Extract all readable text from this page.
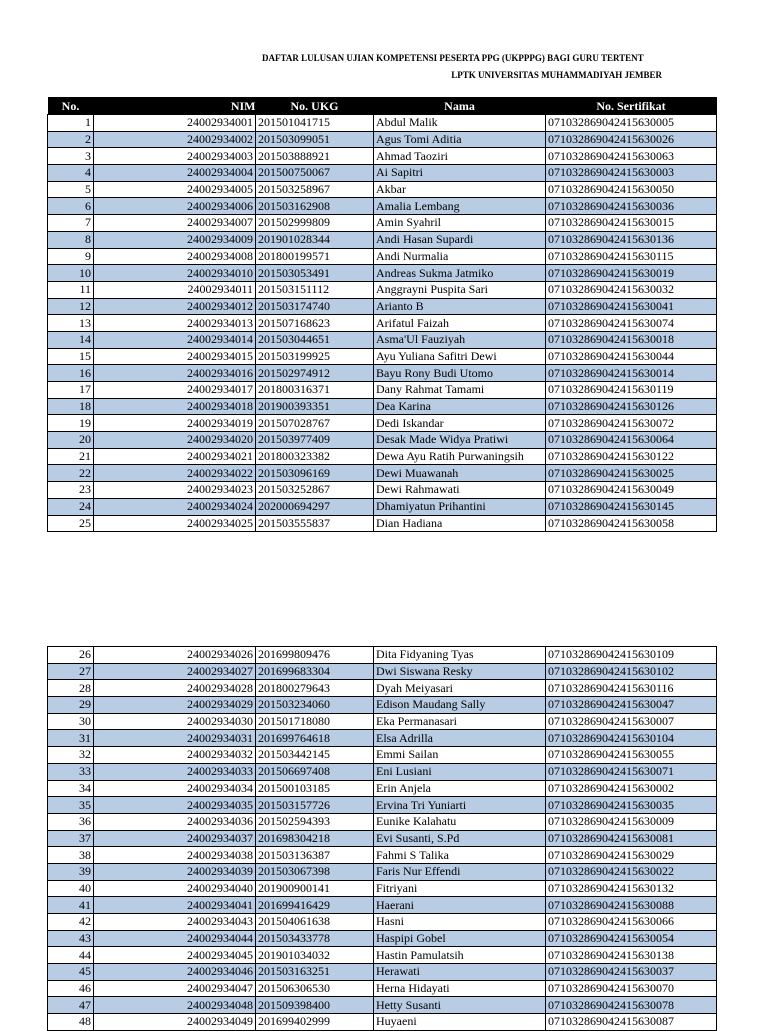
DAFTAR LULUSAN UJIAN KOMPETENSI PESERTA PPG (UKPPPG) BAGI GURU TERTENT
LPTK UNIVERSITAS MUHAMMADIYAH JEMBER
No.	NIM	No. UKG	Nama	No. Sertifikat
1	24002934001	201501041715	Abdul Malik	071032869042415630005
2	24002934002	201503099051	Agus Tomi Aditia	071032869042415630026
3	24002934003	201503888921	Ahmad Taoziri	071032869042415630063
4	24002934004	201500750067	Ai Sapitri	071032869042415630003
5	24002934005	201503258967	Akbar	071032869042415630050
6	24002934006	201503162908	Amalia Lembang	071032869042415630036
7	24002934007	201502999809	Amin Syahril	071032869042415630015
8	24002934009	201901028344	Andi Hasan Supardi	071032869042415630136
9	24002934008	201800199571	Andi Nurmalia	071032869042415630115
10	24002934010	201503053491	Andreas Sukma Jatmiko	071032869042415630019
11	24002934011	201503151112	Anggrayni Puspita Sari	071032869042415630032
12	24002934012	201503174740	Arianto B	071032869042415630041
13	24002934013	201507168623	Arifatul Faizah	071032869042415630074
14	24002934014	201503044651	Asma'Ul Fauziyah	071032869042415630018
15	24002934015	201503199925	Ayu Yuliana Safitri Dewi	071032869042415630044
16	24002934016	201502974912	Bayu Rony Budi Utomo	071032869042415630014
17	24002934017	201800316371	Dany Rahmat Tamami	071032869042415630119
18	24002934018	201900393351	Dea Karina	071032869042415630126
19	24002934019	201507028767	Dedi Iskandar	071032869042415630072
20	24002934020	201503977409	Desak Made Widya Pratiwi	071032869042415630064
21	24002934021	201800323382	Dewa Ayu Ratih Purwaningsih	071032869042415630122
22	24002934022	201503096169	Dewi Muawanah	071032869042415630025
23	24002934023	201503252867	Dewi Rahmawati	071032869042415630049
24	24002934024	202000694297	Dhamiyatun Prihantini	071032869042415630145
25	24002934025	201503555837	Dian Hadiana	071032869042415630058
26	24002934026	201699809476	Dita Fidyaning Tyas	071032869042415630109
27	24002934027	201699683304	Dwi Siswana Resky	071032869042415630102
28	24002934028	201800279643	Dyah Meiyasari	071032869042415630116
29	24002934029	201503234060	Edison Maudang Sally	071032869042415630047
30	24002934030	201501718080	Eka Permanasari	071032869042415630007
31	24002934031	201699764618	Elsa Adrilla	071032869042415630104
32	24002934032	201503442145	Emmi Sailan	071032869042415630055
33	24002934033	201506697408	Eni Lusiani	071032869042415630071
34	24002934034	201500103185	Erin Anjela	071032869042415630002
35	24002934035	201503157726	Ervina Tri Yuniarti	071032869042415630035
36	24002934036	201502594393	Eunike Kalahatu	071032869042415630009
37	24002934037	201698304218	Evi Susanti, S.Pd	071032869042415630081
38	24002934038	201503136387	Fahmi S Talika	071032869042415630029
39	24002934039	201503067398	Faris Nur Effendi	071032869042415630022
40	24002934040	201900900141	Fitriyani	071032869042415630132
41	24002934041	201699416429	Haerani	071032869042415630088
42	24002934043	201504061638	Hasni	071032869042415630066
43	24002934044	201503433778	Haspipi Gobel	071032869042415630054
44	24002934045	201901034032	Hastin Pamulatsih	071032869042415630138
45	24002934046	201503163251	Herawati	071032869042415630037
46	24002934047	201506306530	Herna Hidayati	071032869042415630070
47	24002934048	201509398400	Hetty Susanti	071032869042415630078
48	24002934049	201699402999	Huyaeni	071032869042415630087
